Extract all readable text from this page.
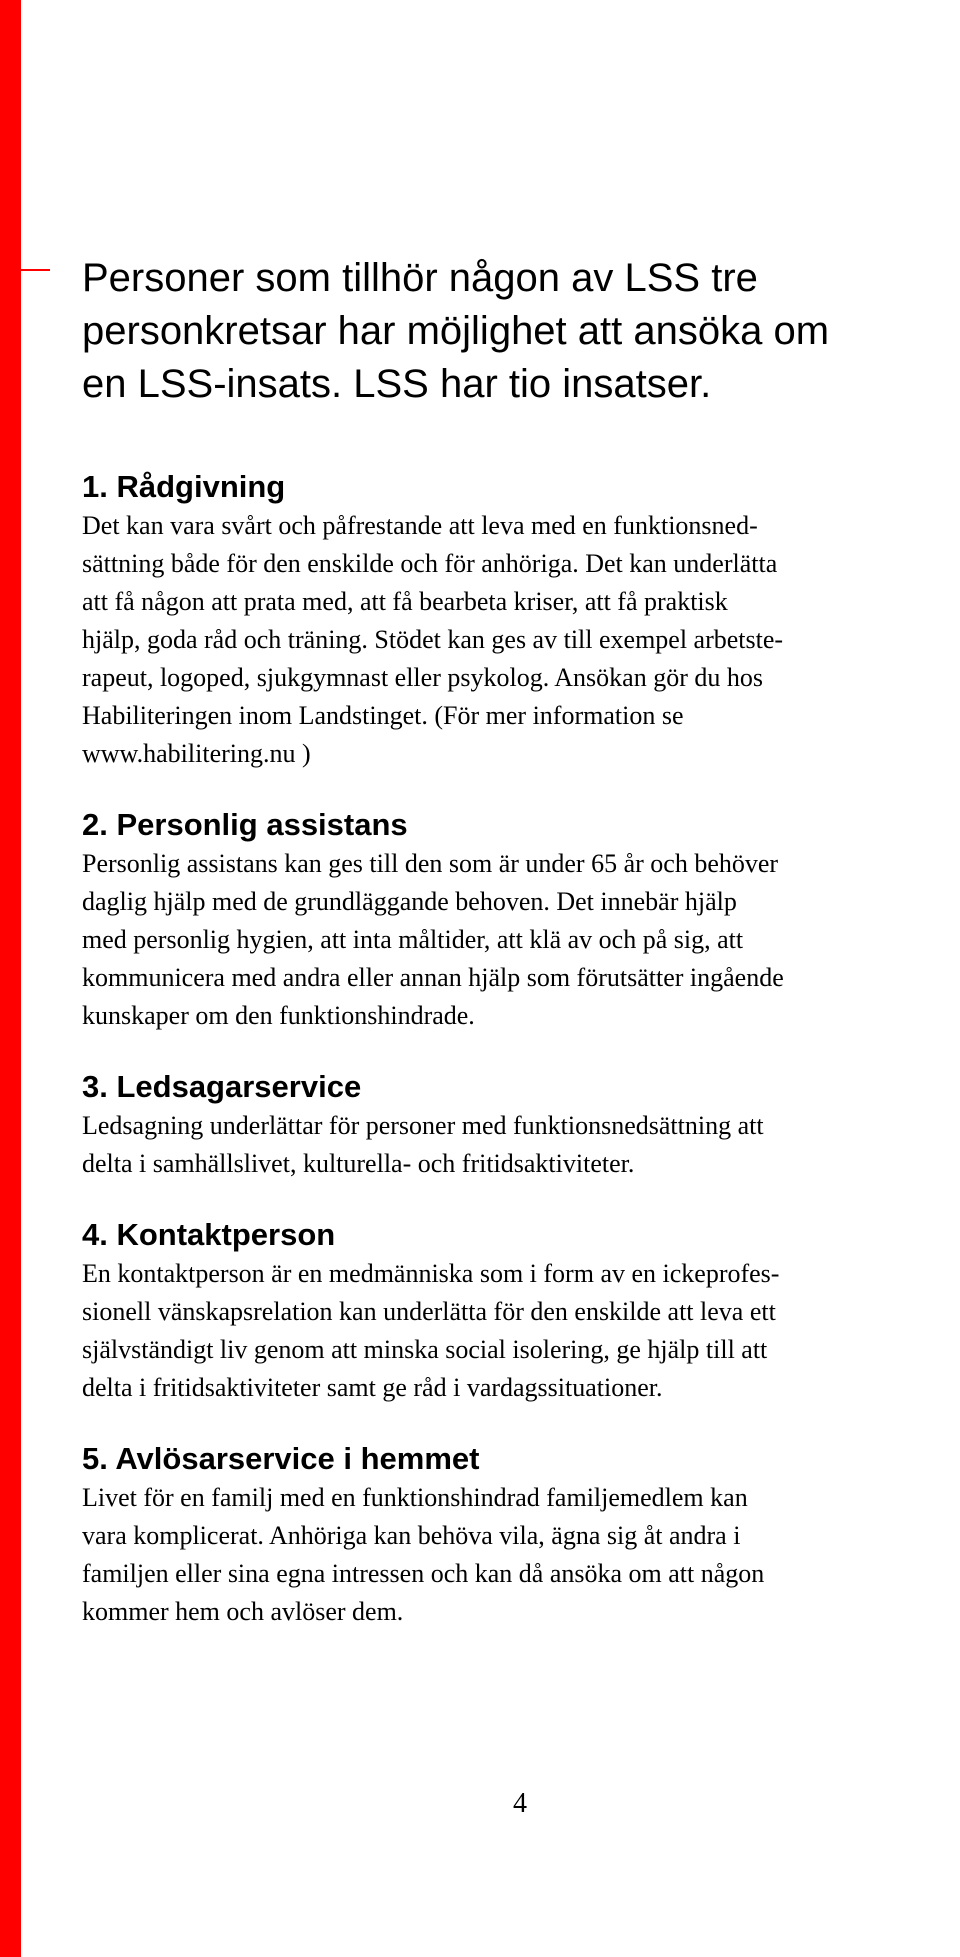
Personer som tillhör någon av LSS tre
personkretsar har möjlighet att ansöka om
en LSS-insats. LSS har tio insatser.

1. Rådgivning

Det kan vara svårt och påfrestande att leva med en funktionsned-
sättning både för den enskilde och för anhöriga. Det kan underlätta
att få någon att prata med, att få bearbeta kriser, att få praktisk
hjälp, goda råd och träning. Stödet kan ges av till exempel arbetste-
rapeut, logoped, sjukgymnast eller psykolog. Ansökan gör du hos
Habiliteringen inom Landstinget. (För mer information se
www.habilitering.nu )

2. Personlig assistans

Personlig assistans kan ges till den som är under 65 år och behöver
daglig hjälp med de grundläggande behoven. Det innebär hjälp
med personlig hygien, att inta måltider, att klä av och på sig, att
kommunicera med andra eller annan hjälp som förutsätter ingående
kunskaper om den funktionshindrade.

3. Ledsagarservice

Ledsagning underlättar för personer med funktionsnedsättning att
delta i samhällslivet, kulturella- och fritidsaktiviteter.

4. Kontaktperson

En kontaktperson är en medmänniska som i form av en ickeprofes-
sionell vänskapsrelation kan underlätta för den enskilde att leva ett
självständigt liv genom att minska social isolering, ge hjälp till att
delta i fritidsaktiviteter samt ge råd i vardagssituationer.

5. Avlösarservice i hemmet

Livet för en familj med en funktionshindrad familjemedlem kan
vara komplicerat. Anhöriga kan behöva vila, ägna sig åt andra i
familjen eller sina egna intressen och kan då ansöka om att någon
kommer hem och avlöser dem.

4
